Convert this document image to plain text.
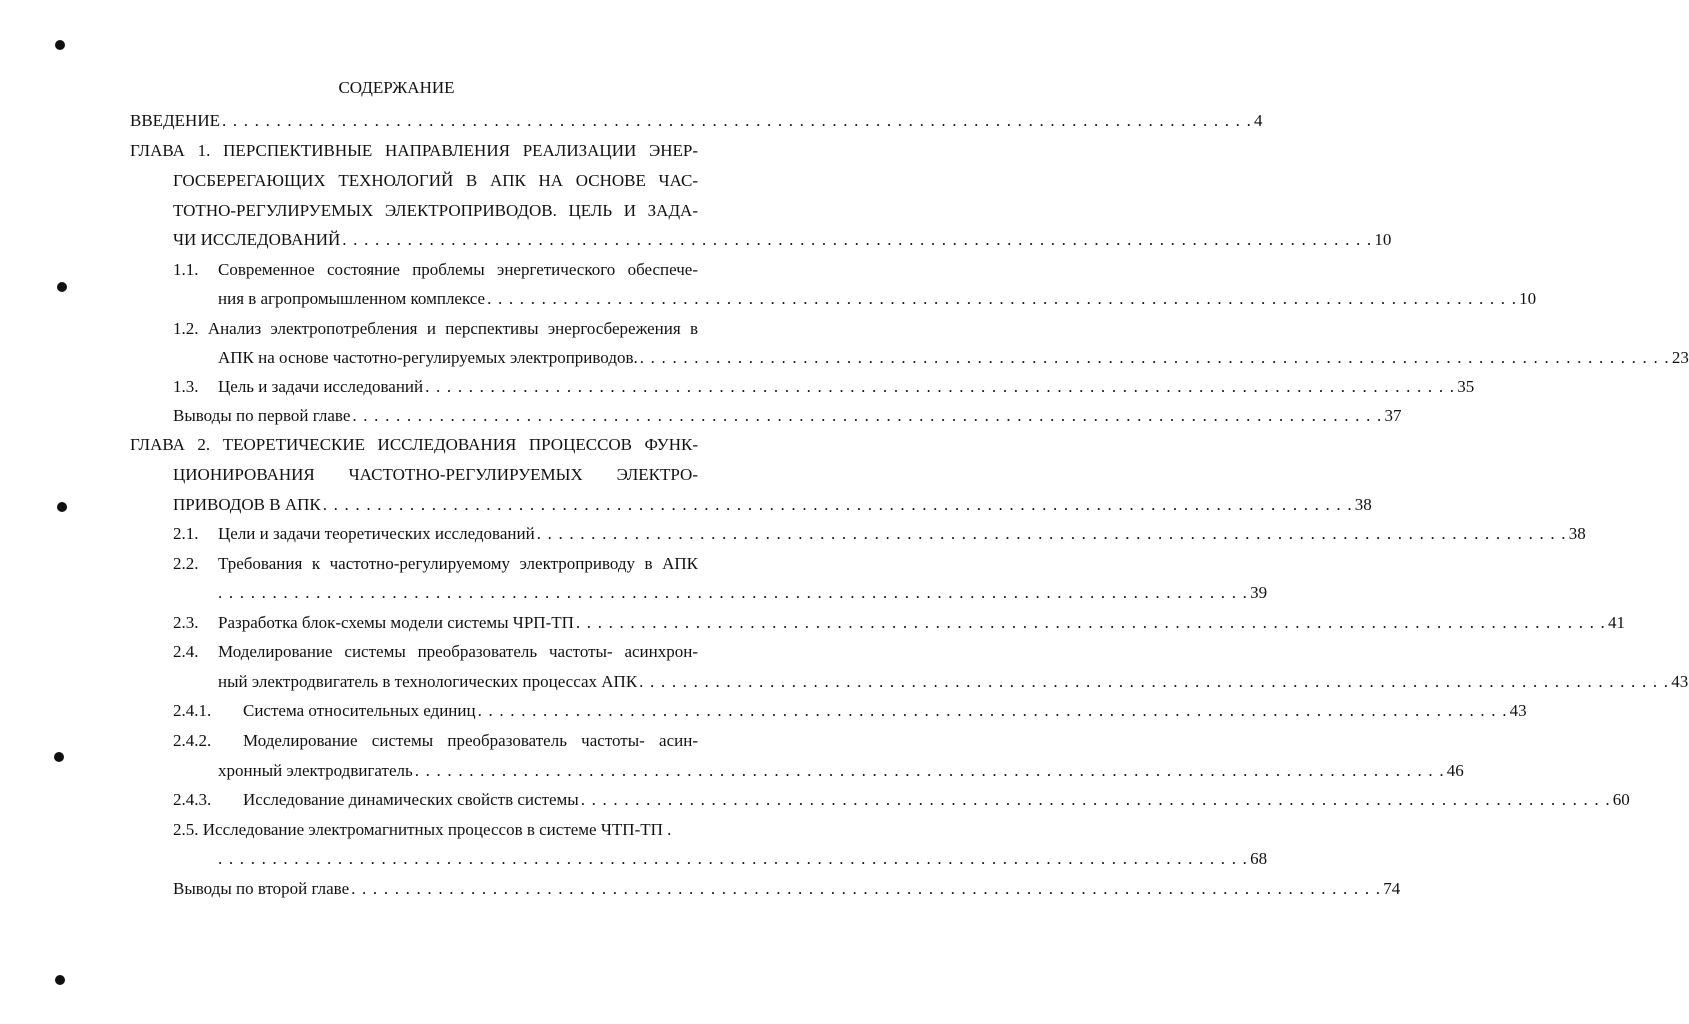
СОДЕРЖАНИЕ
ВВЕДЕНИЕ . . . . . . . . . . . . . . . . . . . . . . . . . . . . . . . . . . . . . . . . . . . . . . . . . . . . . . . . . . . . . . . . . . . . . . . . . . . . . . . . . . . . . . . . . . . . . . . 4
ГЛАВА 1. ПЕРСПЕКТИВНЫЕ НАПРАВЛЕНИЯ РЕАЛИЗАЦИИ ЭНЕР-
ГОСБЕРЕГАЮЩИХ ТЕХНОЛОГИЙ В АПК НА ОСНОВЕ ЧАС-
ТОТНО-РЕГУЛИРУЕМЫХ ЭЛЕКТРОПРИВОДОВ. ЦЕЛЬ И ЗАДА-
ЧИ ИССЛЕДОВАНИЙ . . . . . . . . . . . . . . . . . . . . . . . . . . . . . . . . . . . . . . . . . . . . . . . . . . . . . . . . . . . . . . . . . . . . . . . . . . . . . . . . . . . . . . . . . . . . . . . 10
1.1. Современное состояние проблемы энергетического обеспече-
ния в агропромышленном комплексе . . . . . . . . . . . . . . . . . . . . . . . . . . . . . . . . . . . . . . . . . . . . . . . . . . . . . . . . . . . . . . . . . . . . . . . . . . . . . . . . . . . . . . . . . . . . . . . 10
1.2. Анализ электропотребления и перспективы энергосбережения в
АПК на основе частотно-регулируемых электроприводов. . . . . . . . . . . . . . . . . . . . . . . . . . . . . . . . . . . . . . . . . . . . . . . . . . . . . . . . . . . . . . . . . . . . . . . . . . . . . . . . . . . . . . . . . . . . . . . . 23
1.3. Цель и задачи исследований . . . . . . . . . . . . . . . . . . . . . . . . . . . . . . . . . . . . . . . . . . . . . . . . . . . . . . . . . . . . . . . . . . . . . . . . . . . . . . . . . . . . . . . . . . . . . . . 35
Выводы по первой главе . . . . . . . . . . . . . . . . . . . . . . . . . . . . . . . . . . . . . . . . . . . . . . . . . . . . . . . . . . . . . . . . . . . . . . . . . . . . . . . . . . . . . . . . . . . . . . . 37
ГЛАВА 2. ТЕОРЕТИЧЕСКИЕ ИССЛЕДОВАНИЯ ПРОЦЕССОВ ФУНК-
ЦИОНИРОВАНИЯ ЧАСТОТНО-РЕГУЛИРУЕМЫХ ЭЛЕКТРО-
ПРИВОДОВ В АПК . . . . . . . . . . . . . . . . . . . . . . . . . . . . . . . . . . . . . . . . . . . . . . . . . . . . . . . . . . . . . . . . . . . . . . . . . . . . . . . . . . . . . . . . . . . . . . . 38
2.1. Цели и задачи теоретических исследований . . . . . . . . . . . . . . . . . . . . . . . . . . . . . . . . . . . . . . . . . . . . . . . . . . . . . . . . . . . . . . . . . . . . . . . . . . . . . . . . . . . . . . . . . . . . . . . 38
2.2. Требования к частотно-регулируемому электроприводу в АПК
. . . . . . . . . . . . . . . . . . . . . . . . . . . . . . . . . . . . . . . . . . . . . . . . . . . . . . . . . . . . . . . . . . . . . . . . . . . . . . . . . . . . . . . . . . . . . . . 39
2.3. Разработка блок-схемы модели системы ЧРП-ТП . . . . . . . . . . . . . . . . . . . . . . . . . . . . . . . . . . . . . . . . . . . . . . . . . . . . . . . . . . . . . . . . . . . . . . . . . . . . . . . . . . . . . . . . . . . . . . . 41
2.4. Моделирование системы преобразователь частоты- асинхрон-
ный электродвигатель в технологических процессах АПК . . . . . . . . . . . . . . . . . . . . . . . . . . . . . . . . . . . . . . . . . . . . . . . . . . . . . . . . . . . . . . . . . . . . . . . . . . . . . . . . . . . . . . . . . . . . . . . 43
2.4.1. Система относительных единиц . . . . . . . . . . . . . . . . . . . . . . . . . . . . . . . . . . . . . . . . . . . . . . . . . . . . . . . . . . . . . . . . . . . . . . . . . . . . . . . . . . . . . . . . . . . . . . . 43
2.4.2. Моделирование системы преобразователь частоты- асин-
хронный электродвигатель . . . . . . . . . . . . . . . . . . . . . . . . . . . . . . . . . . . . . . . . . . . . . . . . . . . . . . . . . . . . . . . . . . . . . . . . . . . . . . . . . . . . . . . . . . . . . . . 46
2.4.3. Исследование динамических свойств системы . . . . . . . . . . . . . . . . . . . . . . . . . . . . . . . . . . . . . . . . . . . . . . . . . . . . . . . . . . . . . . . . . . . . . . . . . . . . . . . . . . . . . . . . . . . . . . . 60
2.5. Исследование электромагнитных процессов в системе ЧТП-ТП .
. . . . . . . . . . . . . . . . . . . . . . . . . . . . . . . . . . . . . . . . . . . . . . . . . . . . . . . . . . . . . . . . . . . . . . . . . . . . . . . . . . . . . . . . . . . . . . . 68
Выводы по второй главе . . . . . . . . . . . . . . . . . . . . . . . . . . . . . . . . . . . . . . . . . . . . . . . . . . . . . . . . . . . . . . . . . . . . . . . . . . . . . . . . . . . . . . . . . . . . . . . 74
